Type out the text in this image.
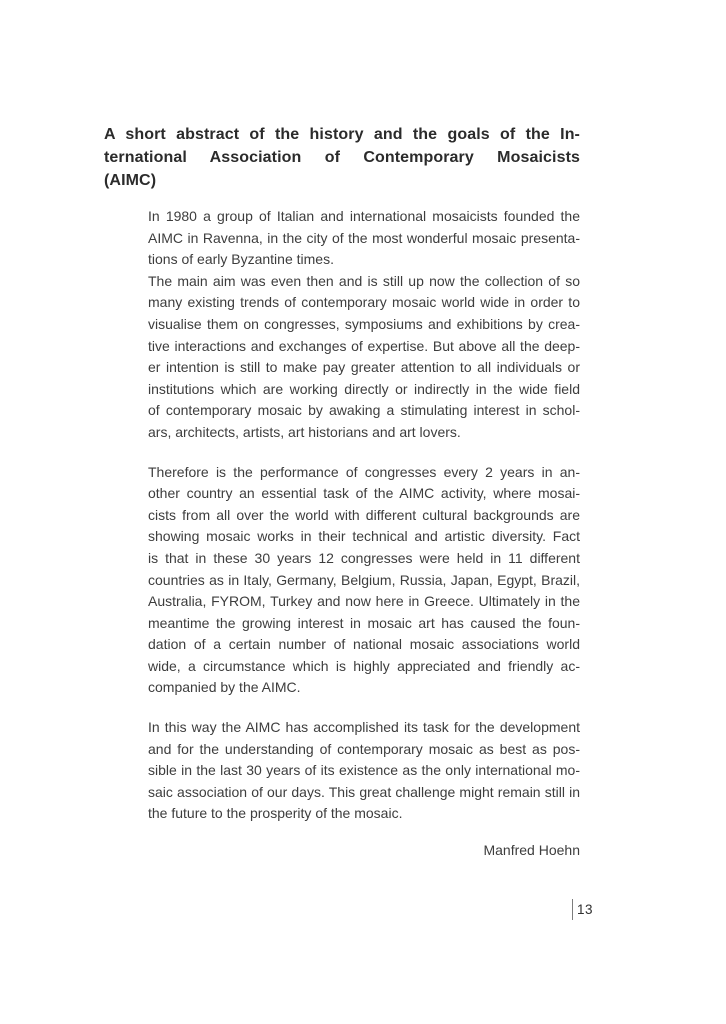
A short abstract of the history and the goals of the In-
ternational Association of Contemporary Mosaicists
(AIMC)
In 1980 a group of Italian and international mosaicists founded the
AIMC in Ravenna, in the city of the most wonderful mosaic presenta-
tions of early Byzantine times.
The main aim was even then and is still up now the collection of so
many existing trends of contemporary mosaic world wide in order to
visualise them on congresses, symposiums and exhibitions by crea-
tive interactions and exchanges of expertise. But above all the deep-
er intention is still to make pay greater attention to all individuals or
institutions which are working directly or indirectly in the wide field
of contemporary mosaic by awaking a stimulating interest in schol-
ars, architects, artists, art historians and art lovers.
Therefore is the performance of congresses every 2 years in an-
other country an essential task of the AIMC activity, where mosai-
cists from all over the world with different cultural backgrounds are
showing mosaic works in their technical and artistic diversity. Fact
is that in these 30 years 12 congresses were held in 11 different
countries as in Italy, Germany, Belgium, Russia, Japan, Egypt, Brazil,
Australia, FYROM, Turkey and now here in Greece. Ultimately in the
meantime the growing interest in mosaic art has caused the foun-
dation of a certain number of national mosaic associations world
wide, a circumstance which is highly appreciated and friendly ac-
companied by the AIMC.
In this way the AIMC has accomplished its task for the development
and for the understanding of contemporary mosaic as best as pos-
sible in the last 30 years of its existence as the only international mo-
saic association of our days. This great challenge might remain still in
the future to the prosperity of the mosaic.
Manfred Hoehn
13
